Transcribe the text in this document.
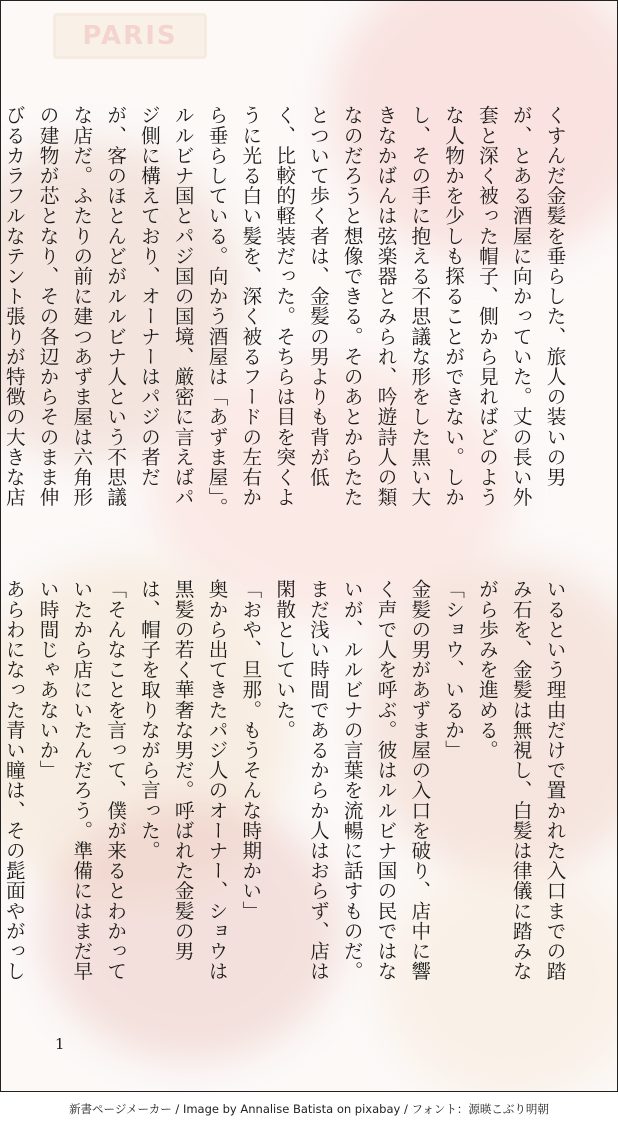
くすんだ金髪を垂らした、旅人の装いの男が、とある酒屋に向かっていた。丈の長い外套と深く被った帽子、側から見ればどのような人物かを少しも探ることができない。しかし、その手に抱える不思議な形をした黒い大きなかばんは弦楽器とみられ、吟遊詩人の類なのだろうと想像できる。そのあとからたたとついて歩く者は、金髪の男よりも背が低く、比較的軽装だった。そちらは目を突くように光る白い髪を、深く被るフードの左右から垂らしている。向かう酒屋は「あずま屋」。ルルビナ国とパジ国の国境、厳密に言えばパジ側に構えており、オーナーはパジの者だが、客のほとんどがルルビナ人という不思議な店だ。ふたりの前に建つあずま屋は六角形の建物が芯となり、その各辺からそのまま伸びるカラフルなテント張りが特徴の大きな店
いるという理由だけで置かれた入口までの踏み石を、金髪は無視し、白髪は律儀に踏みながら歩みを進める。
「ショウ、いるか」
金髪の男があずま屋の入口を破り、店中に響く声で人を呼ぶ。彼はルルビナ国の民ではないが、ルルビナの言葉を流暢に話すものだ。まだ浅い時間であるからか人はおらず、店は閑散としていた。
「おや、旦那。もうそんな時期かい」
奥から出てきたパジ人のオーナー、ショウは黒髪の若く華奢な男だ。呼ばれた金髪の男は、帽子を取りながら言った。
「そんなことを言って、僕が来るとわかっていたから店にいたんだろう。準備にはまだ早い時間じゃあないか」
あらわになった青い瞳は、その髭面やがっし
1
新書ページメーカー / Image by Annalise Batista on pixabay / フォント：源暎こぶり明朝
